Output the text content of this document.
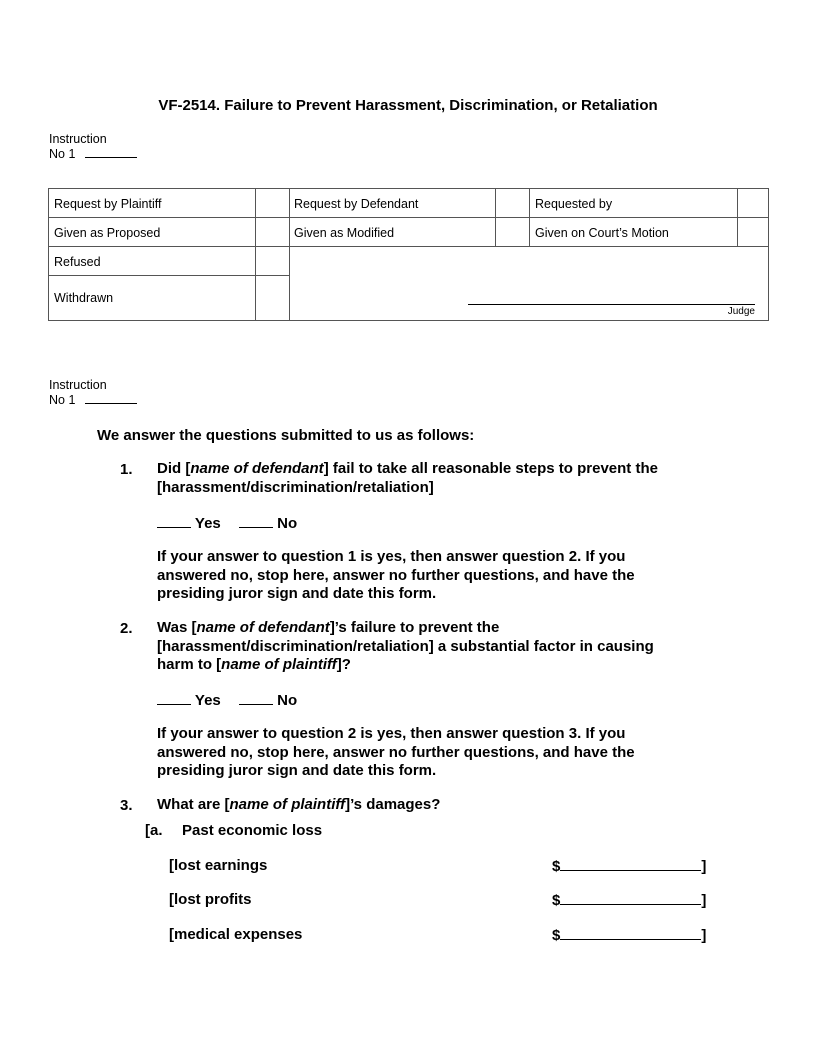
VF-2514. Failure to Prevent Harassment, Discrimination, or Retaliation
Instruction
No 1
Request by Plaintiff	Request by Defendant	Requested by
Given as Proposed	Given as Modified	Given on Court’s Motion
Refused
Withdrawn
Judge
Instruction
No 1
We answer the questions submitted to us as follows:
1. Did [name of defendant] fail to take all reasonable steps to prevent the
[harassment/discrimination/retaliation]
Yes	No
If your answer to question 1 is yes, then answer question 2. If you
answered no, stop here, answer no further questions, and have the
presiding juror sign and date this form.
2. Was [name of defendant]’s failure to prevent the
[harassment/discrimination/retaliation] a substantial factor in causing
harm to [name of plaintiff]?
Yes	No
If your answer to question 2 is yes, then answer question 3. If you
answered no, stop here, answer no further questions, and have the
presiding juror sign and date this form.
3. What are [name of plaintiff]’s damages?
[a. Past economic loss
[lost earnings	$	]
[lost profits	$	]
[medical expenses	$	]
